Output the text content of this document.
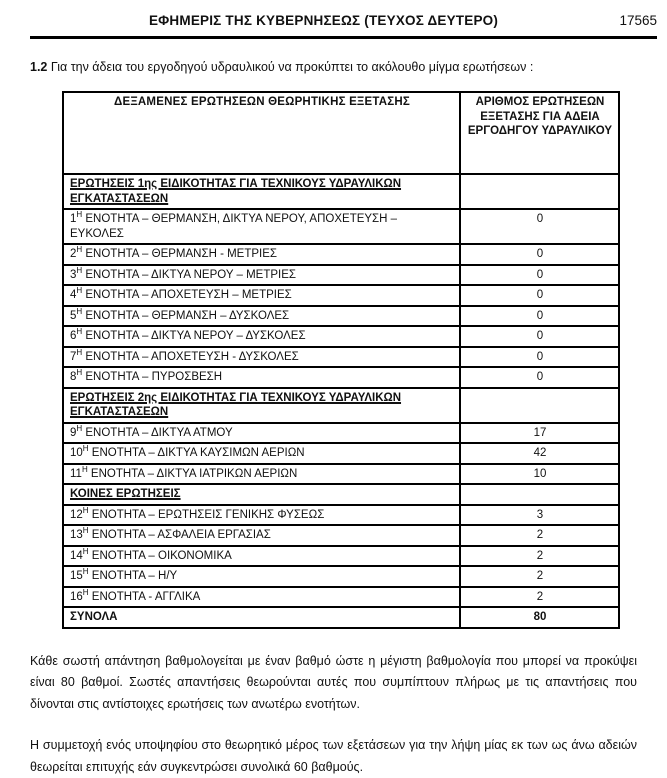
ΕΦΗΜΕΡΙΣ ΤΗΣ ΚΥΒΕΡΝΗΣΕΩΣ (ΤΕΥΧΟΣ ΔΕΥΤΕΡΟ)	17565

1.2 Για την άδεια του εργοδηγού υδραυλικού να προκύπτει το ακόλουθο μίγμα ερωτήσεων :

ΔΕΞΑΜΕΝΕΣ ΕΡΩΤΗΣΕΩΝ ΘΕΩΡΗΤΙΚΗΣ ΕΞΕΤΑΣΗΣ	ΑΡΙΘΜΟΣ ΕΡΩΤΗΣΕΩΝ ΕΞΕΤΑΣΗΣ ΓΙΑ ΑΔΕΙΑ ΕΡΓΟΔΗΓΟΥ ΥΔΡΑΥΛΙΚΟΥ
ΕΡΩΤΗΣΕΙΣ 1ης ΕΙΔΙΚΟΤΗΤΑΣ ΓΙΑ ΤΕΧΝΙΚΟΥΣ ΥΔΡΑΥΛΙΚΩΝ ΕΓΚΑΤΑΣΤΑΣΕΩΝ	
$1^H$ ΕΝΟΤΗΤΑ – ΘΕΡΜΑΝΣΗ, ΔΙΚΤΥΑ ΝΕΡΟΥ, ΑΠΟΧΕΤΕΥΣΗ – ΕΥΚΟΛΕΣ	0
$2^H$ ΕΝΟΤΗΤΑ – ΘΕΡΜΑΝΣΗ - ΜΕΤΡΙΕΣ	0
$3^H$ ΕΝΟΤΗΤΑ – ΔΙΚΤΥΑ ΝΕΡΟΥ – ΜΕΤΡΙΕΣ	0
$4^H$ ΕΝΟΤΗΤΑ – ΑΠΟΧΕΤΕΥΣΗ – ΜΕΤΡΙΕΣ	0
$5^H$ ΕΝΟΤΗΤΑ – ΘΕΡΜΑΝΣΗ – ΔΥΣΚΟΛΕΣ	0
$6^H$ ΕΝΟΤΗΤΑ – ΔΙΚΤΥΑ ΝΕΡΟΥ – ΔΥΣΚΟΛΕΣ	0
$7^H$ ΕΝΟΤΗΤΑ – ΑΠΟΧΕΤΕΥΣΗ - ΔΥΣΚΟΛΕΣ	0
$8^H$ ΕΝΟΤΗΤΑ – ΠΥΡΟΣΒΕΣΗ	0
ΕΡΩΤΗΣΕΙΣ 2ης ΕΙΔΙΚΟΤΗΤΑΣ ΓΙΑ ΤΕΧΝΙΚΟΥΣ ΥΔΡΑΥΛΙΚΩΝ ΕΓΚΑΤΑΣΤΑΣΕΩΝ	
$9^H$ ΕΝΟΤΗΤΑ – ΔΙΚΤΥΑ ΑΤΜΟΥ	17
$10^H$ ΕΝΟΤΗΤΑ – ΔΙΚΤΥΑ ΚΑΥΣΙΜΩΝ ΑΕΡΙΩΝ	42
$11^H$ ΕΝΟΤΗΤΑ – ΔΙΚΤΥΑ ΙΑΤΡΙΚΩΝ ΑΕΡΙΩΝ	10
ΚΟΙΝΕΣ ΕΡΩΤΗΣΕΙΣ	
$12^H$ ΕΝΟΤΗΤΑ – ΕΡΩΤΗΣΕΙΣ ΓΕΝΙΚΗΣ ΦΥΣΕΩΣ	3
$13^H$ ΕΝΟΤΗΤΑ – ΑΣΦΑΛΕΙΑ ΕΡΓΑΣΙΑΣ	2
$14^H$ ΕΝΟΤΗΤΑ – ΟΙΚΟΝΟΜΙΚΑ	2
$15^H$ ΕΝΟΤΗΤΑ – Η/Υ	2
$16^H$ ΕΝΟΤΗΤΑ - ΑΓΓΛΙΚΑ	2
ΣΥΝΟΛΑ	80

Κάθε σωστή απάντηση βαθμολογείται με έναν βαθμό ώστε η μέγιστη βαθμολογία που μπορεί να προκύψει είναι 80 βαθμοί. Σωστές απαντήσεις θεωρούνται αυτές που συμπίπτουν πλήρως με τις απαντήσεις που δίνονται στις αντίστοιχες ερωτήσεις των ανωτέρω ενοτήτων.

Η συμμετοχή ενός υποψηφίου στο θεωρητικό μέρος των εξετάσεων για την λήψη μίας εκ των ως άνω αδειών θεωρείται επιτυχής εάν συγκεντρώσει συνολικά 60 βαθμούς.
